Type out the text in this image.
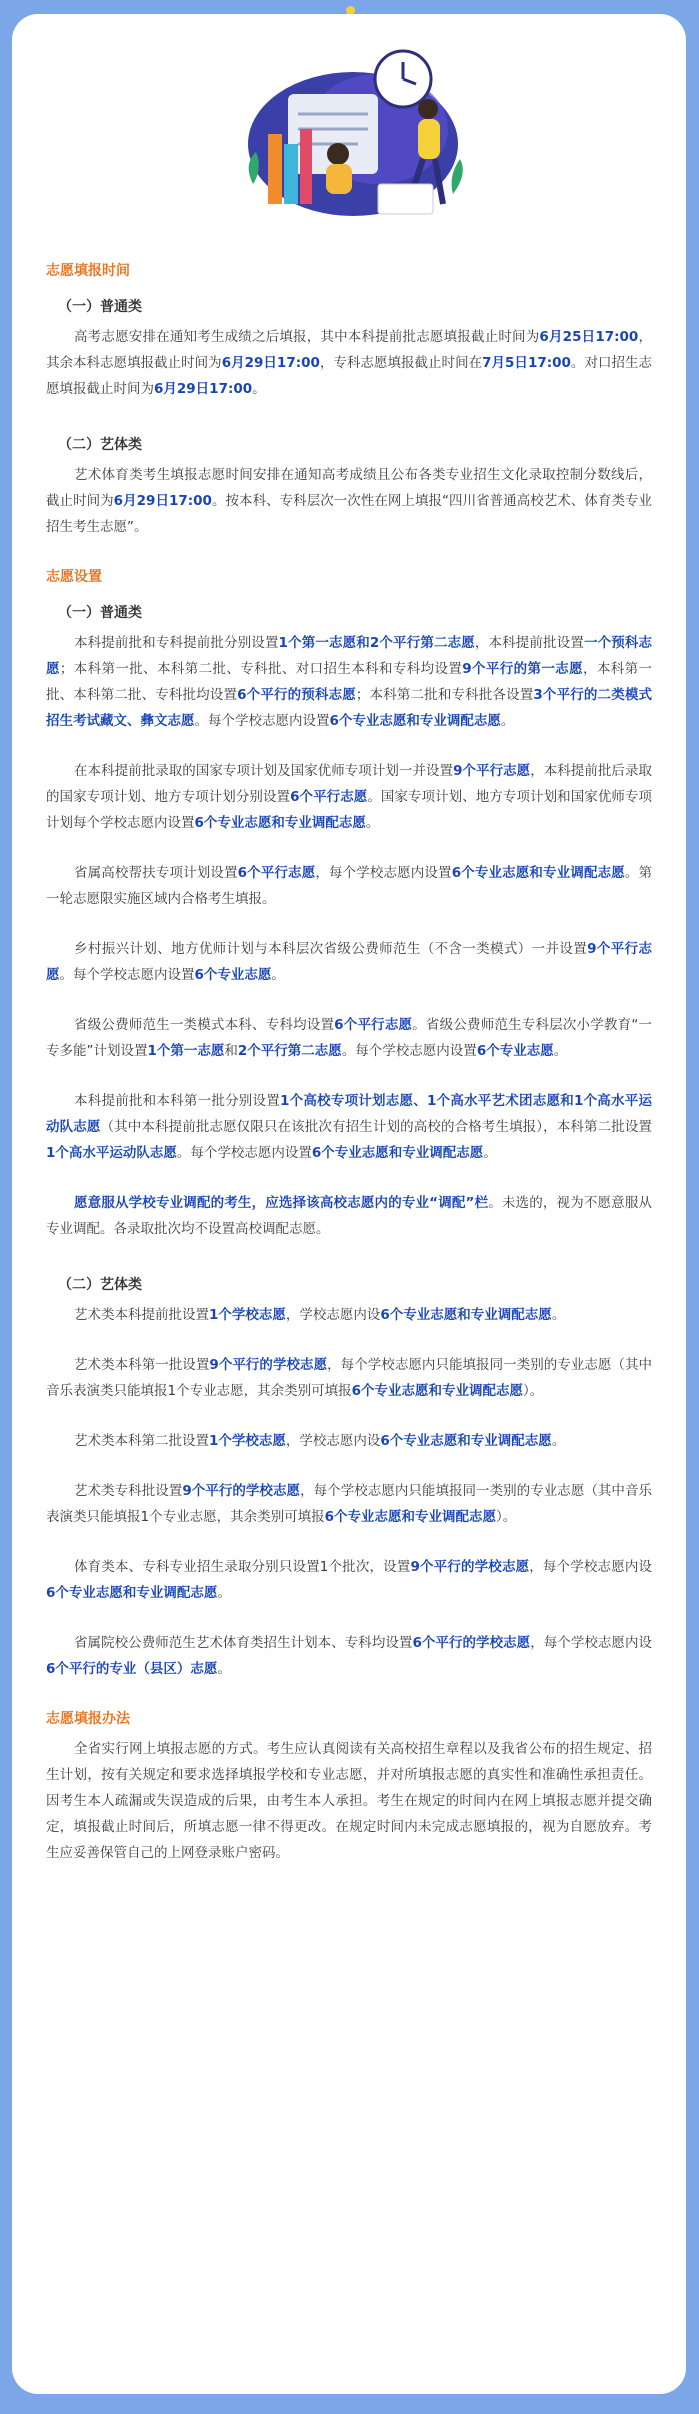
志愿填报时间
（一）普通类

高考志愿安排在通知考生成绩之后填报，其中本科提前批志愿填报截止时间为6月25日17:00，其余本科志愿填报截止时间为6月29日17:00，专科志愿填报截止时间在7月5日17:00。对口招生志愿填报截止时间为6月29日17:00。

（二）艺体类

艺术体育类考生填报志愿时间安排在通知高考成绩且公布各类专业招生文化录取控制分数线后，截止时间为6月29日17:00。按本科、专科层次一次性在网上填报“四川省普通高校艺术、体育类专业招生考生志愿”。

志愿设置
（一）普通类

本科提前批和专科提前批分别设置1个第一志愿和2个平行第二志愿，本科提前批设置一个预科志愿；本科第一批、本科第二批、专科批、对口招生本科和专科均设置9个平行的第一志愿，本科第一批、本科第二批、专科批均设置6个平行的预科志愿；本科第二批和专科批各设置3个平行的二类模式招生考试藏文、彝文志愿。每个学校志愿内设置6个专业志愿和专业调配志愿。

在本科提前批录取的国家专项计划及国家优师专项计划一并设置9个平行志愿，本科提前批后录取的国家专项计划、地方专项计划分别设置6个平行志愿。国家专项计划、地方专项计划和国家优师专项计划每个学校志愿内设置6个专业志愿和专业调配志愿。

省属高校帮扶专项计划设置6个平行志愿，每个学校志愿内设置6个专业志愿和专业调配志愿。第一轮志愿限实施区域内合格考生填报。

乡村振兴计划、地方优师计划与本科层次省级公费师范生（不含一类模式）一并设置9个平行志愿。每个学校志愿内设置6个专业志愿。

省级公费师范生一类模式本科、专科均设置6个平行志愿。省级公费师范生专科层次小学教育“一专多能”计划设置1个第一志愿和2个平行第二志愿。每个学校志愿内设置6个专业志愿。

本科提前批和本科第一批分别设置1个高校专项计划志愿、1个高水平艺术团志愿和1个高水平运动队志愿（其中本科提前批志愿仅限只在该批次有招生计划的高校的合格考生填报），本科第二批设置1个高水平运动队志愿。每个学校志愿内设置6个专业志愿和专业调配志愿。

愿意服从学校专业调配的考生，应选择该高校志愿内的专业“调配”栏。未选的，视为不愿意服从专业调配。各录取批次均不设置高校调配志愿。

（二）艺体类

艺术类本科提前批设置1个学校志愿，学校志愿内设6个专业志愿和专业调配志愿。

艺术类本科第一批设置9个平行的学校志愿，每个学校志愿内只能填报同一类别的专业志愿（其中音乐表演类只能填报1个专业志愿，其余类别可填报6个专业志愿和专业调配志愿）。

艺术类本科第二批设置1个学校志愿，学校志愿内设6个专业志愿和专业调配志愿。

艺术类专科批设置9个平行的学校志愿，每个学校志愿内只能填报同一类别的专业志愿（其中音乐表演类只能填报1个专业志愿，其余类别可填报6个专业志愿和专业调配志愿）。

体育类本、专科专业招生录取分别只设置1个批次，设置9个平行的学校志愿，每个学校志愿内设6个专业志愿和专业调配志愿。

省属院校公费师范生艺术体育类招生计划本、专科均设置6个平行的学校志愿，每个学校志愿内设6个平行的专业（县区）志愿。

志愿填报办法

全省实行网上填报志愿的方式。考生应认真阅读有关高校招生章程以及我省公布的招生规定、招生计划，按有关规定和要求选择填报学校和专业志愿，并对所填报志愿的真实性和准确性承担责任。因考生本人疏漏或失误造成的后果，由考生本人承担。考生在规定的时间内在网上填报志愿并提交确定，填报截止时间后，所填志愿一律不得更改。在规定时间内未完成志愿填报的，视为自愿放弃。考生应妥善保管自己的上网登录账户密码。
